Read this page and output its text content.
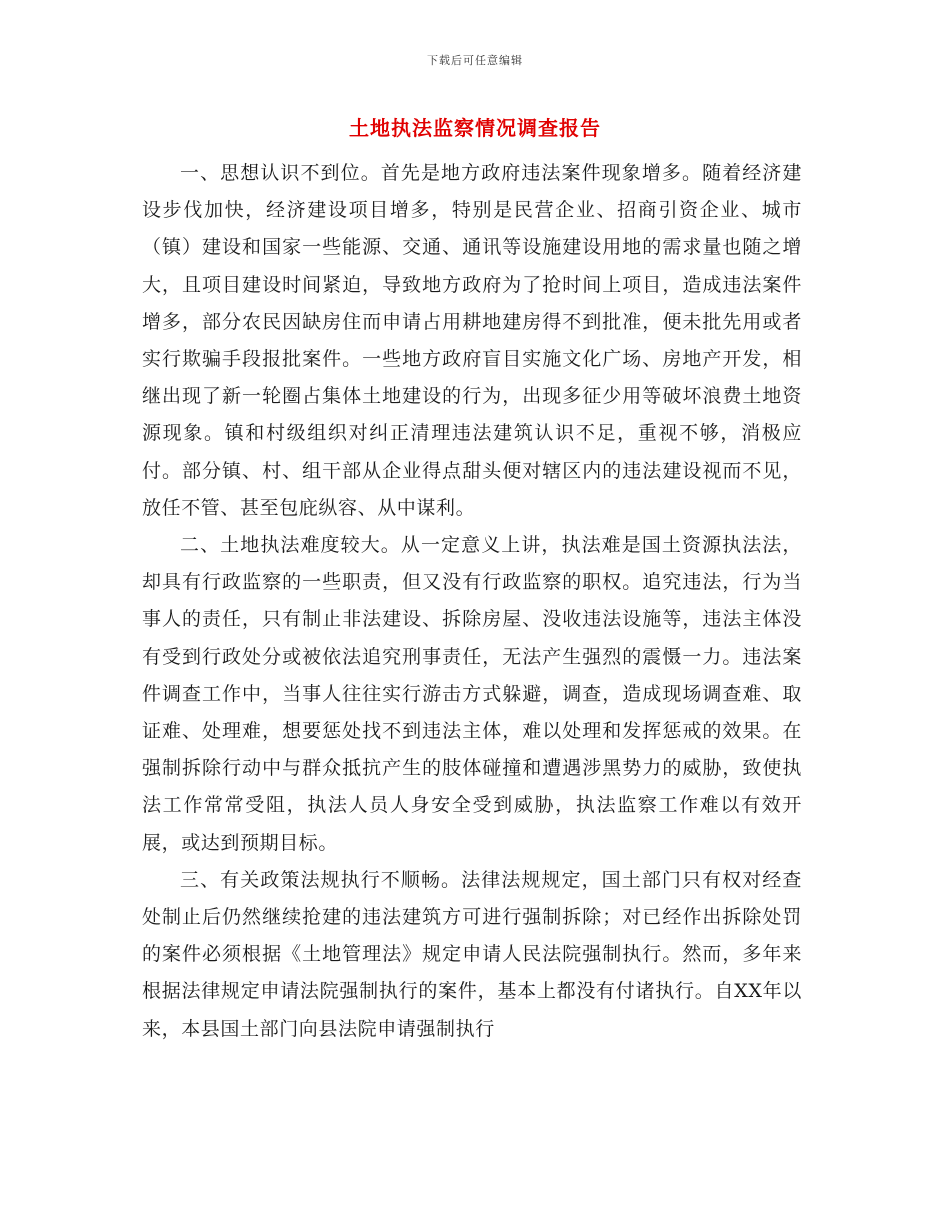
下载后可任意编辑
土地执法监察情况调查报告

一、思想认识不到位。首先是地方政府违法案件现象增多。随着经济建设步伐加快，经济建设项目增多，特别是民营企业、招商引资企业、城市（镇）建设和国家一些能源、交通、通讯等设施建设用地的需求量也随之增大，且项目建设时间紧迫，导致地方政府为了抢时间上项目，造成违法案件增多，部分农民因缺房住而申请占用耕地建房得不到批准，便未批先用或者实行欺骗手段报批案件。一些地方政府盲目实施文化广场、房地产开发，相继出现了新一轮圈占集体土地建设的行为，出现多征少用等破坏浪费土地资源现象。镇和村级组织对纠正清理违法建筑认识不足，重视不够，消极应付。部分镇、村、组干部从企业得点甜头便对辖区内的违法建设视而不见，放任不管、甚至包庇纵容、从中谋利。

二、土地执法难度较大。从一定意义上讲，执法难是国土资源执法法，却具有行政监察的一些职责，但又没有行政监察的职权。追究违法，行为当事人的责任，只有制止非法建设、拆除房屋、没收违法设施等，违法主体没有受到行政处分或被依法追究刑事责任，无法产生强烈的震慑一力。违法案件调查工作中，当事人往往实行游击方式躲避，调查，造成现场调查难、取证难、处理难，想要惩处找不到违法主体，难以处理和发挥惩戒的效果。在强制拆除行动中与群众抵抗产生的肢体碰撞和遭遇涉黑势力的威胁，致使执法工作常常受阻，执法人员人身安全受到威胁，执法监察工作难以有效开展，或达到预期目标。

三、有关政策法规执行不顺畅。法律法规规定，国土部门只有权对经查处制止后仍然继续抢建的违法建筑方可进行强制拆除；对已经作出拆除处罚的案件必须根据《土地管理法》规定申请人民法院强制执行。然而，多年来根据法律规定申请法院强制执行的案件，基本上都没有付诸执行。自XX年以来，本县国土部门向县法院申请强制执行
